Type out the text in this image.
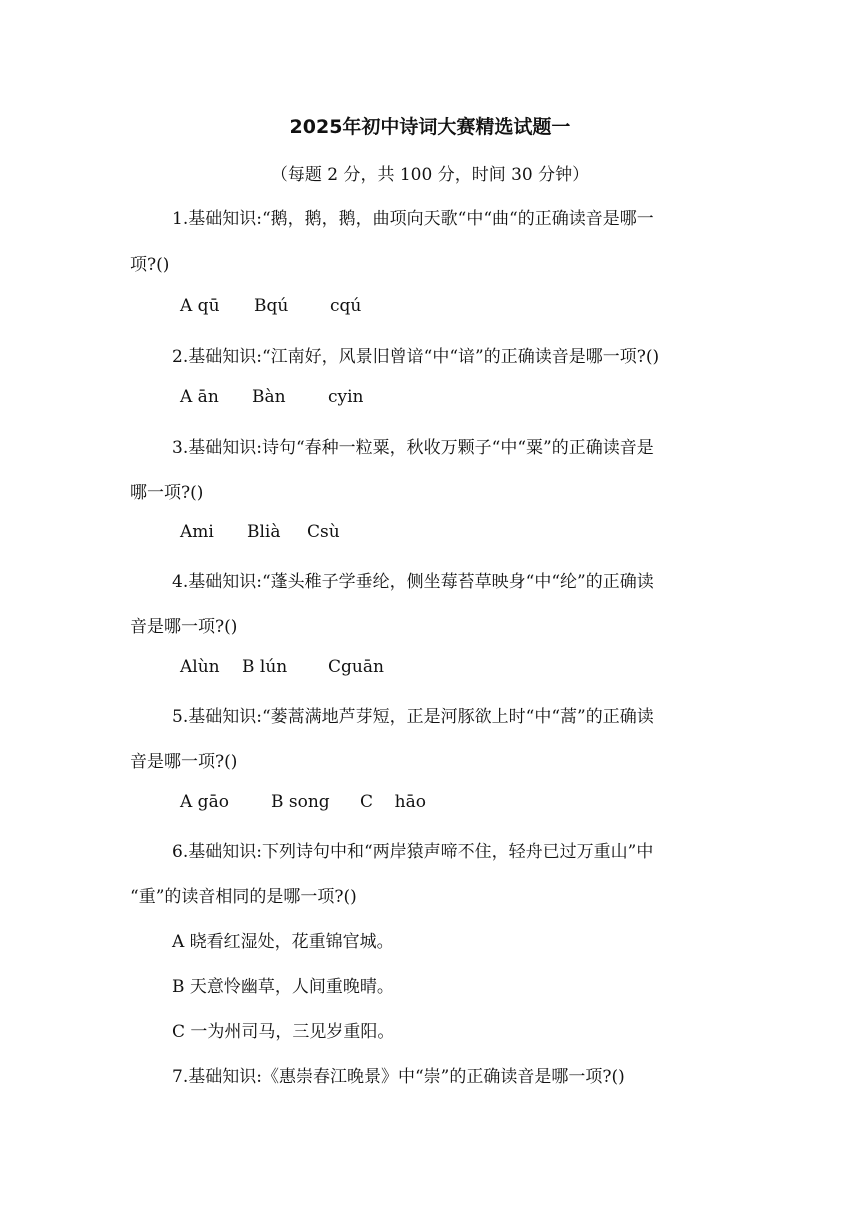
2025年初中诗词大赛精选试题一
（每题 2 分，共 100 分，时间 30 分钟）
1.基础知识:“鹅，鹅，鹅，曲项向天歌“中“曲“的正确读音是哪一
项?()
A qū Bqú cqú
2.基础知识:“江南好，风景旧曾谙“中“谙”的正确读音是哪一项?()
A ān Bàn cyin
3.基础知识:诗句“春种一粒粟，秋收万颗子“中“粟”的正确读音是
哪一项?()
Ami Blià Csù
4.基础知识:“蓬头稚子学垂纶，侧坐莓苔草映身“中“纶”的正确读
音是哪一项?()
Alùn B lún Cguān
5.基础知识:“蒌蒿满地芦芽短，正是河豚欲上时“中“蒿”的正确读
音是哪一项?()
A gāo B song C    hāo
6.基础知识:下列诗句中和“两岸猿声啼不住，轻舟已过万重山”中
“重”的读音相同的是哪一项?()
A 晓看红湿处，花重锦官城。
B 天意怜幽草，人间重晚晴。
C 一为州司马，三见岁重阳。
7.基础知识:《惠崇春江晚景》中“崇”的正确读音是哪一项?()
